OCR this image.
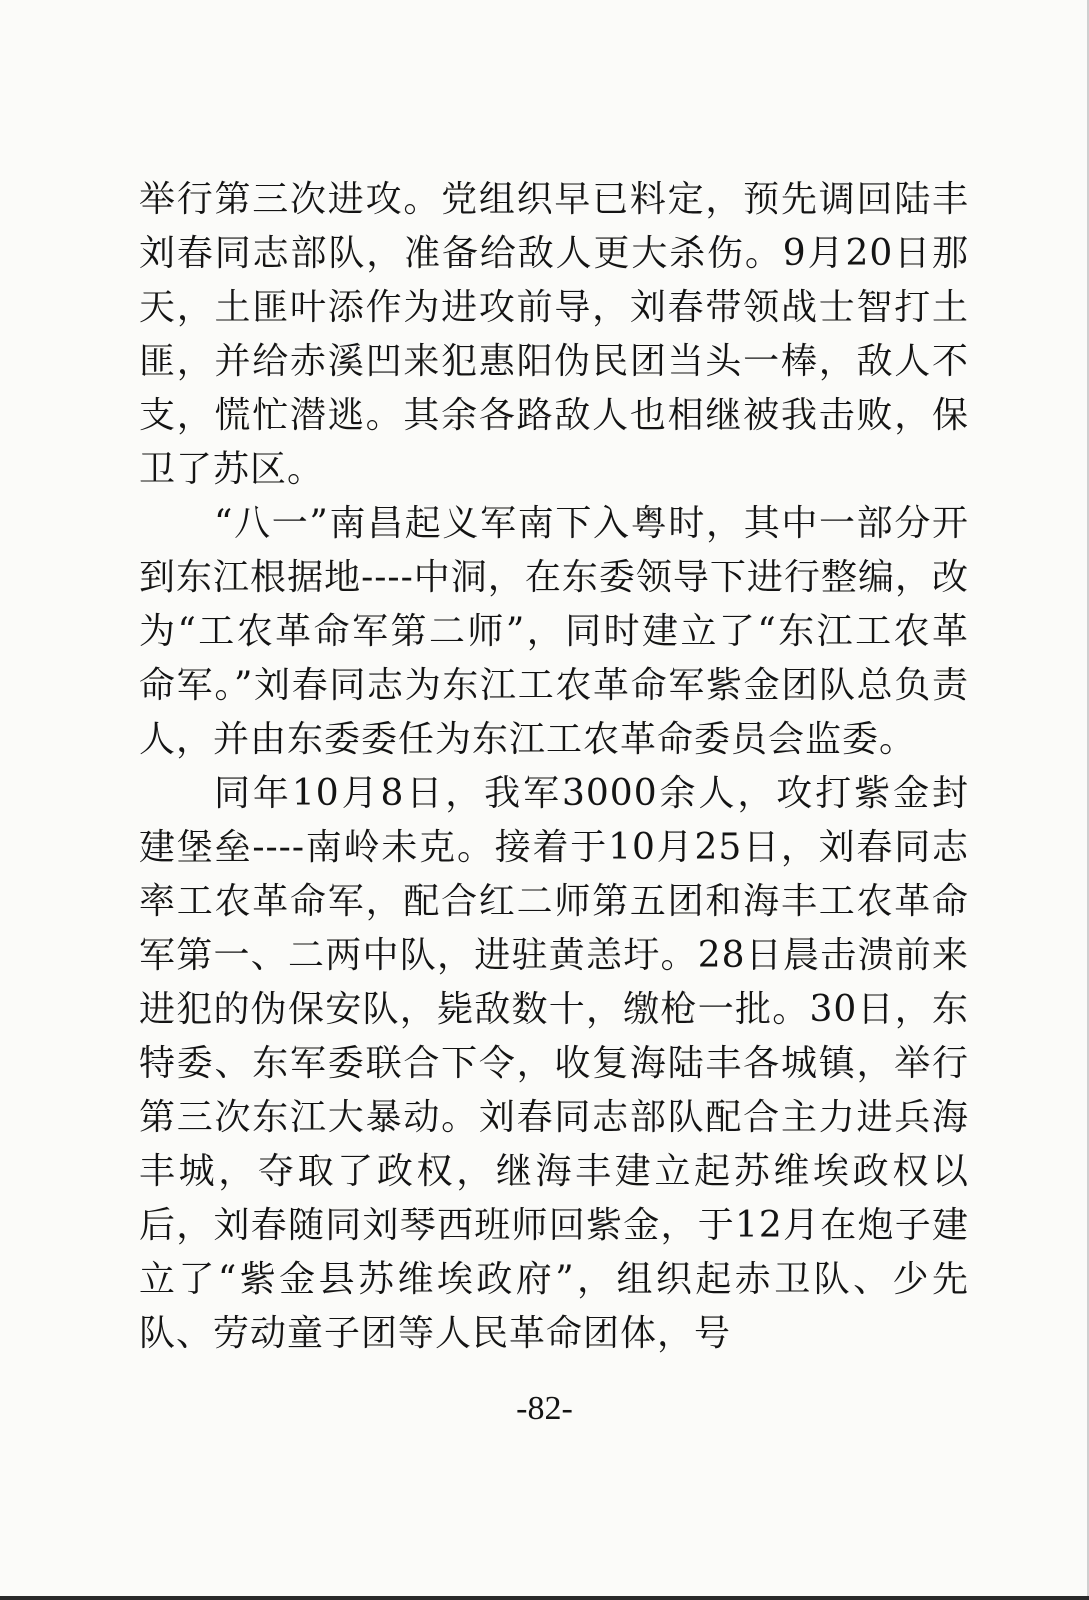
举行第三次进攻。党组织早已料定，预先调回陆丰刘春同志部队，准备给敌人更大杀伤。9月20日那天，土匪叶添作为进攻前导，刘春带领战士智打土匪，并给赤溪凹来犯惠阳伪民团当头一棒，敌人不支，慌忙潜逃。其余各路敌人也相继被我击败，保卫了苏区。

“八一”南昌起义军南下入粤时，其中一部分开到东江根据地----中洞，在东委领导下进行整编，改为“工农革命军第二师”，同时建立了“东江工农革命军。”刘春同志为东江工农革命军紫金团队总负责人，并由东委委任为东江工农革命委员会监委。

同年10月8日，我军3000余人，攻打紫金封建堡垒----南岭未克。接着于10月25日，刘春同志率工农革命军，配合红二师第五团和海丰工农革命军第一、二两中队，进驻黄恙圩。28日晨击溃前来进犯的伪保安队，毙敌数十，缴枪一批。30日，东特委、东军委联合下令，收复海陆丰各城镇，举行第三次东江大暴动。刘春同志部队配合主力进兵海丰城，夺取了政权，继海丰建立起苏维埃政权以后，刘春随同刘琴西班师回紫金，于12月在炮子建立了“紫金县苏维埃政府”，组织起赤卫队、少先队、劳动童子团等人民革命团体，号

-82-
